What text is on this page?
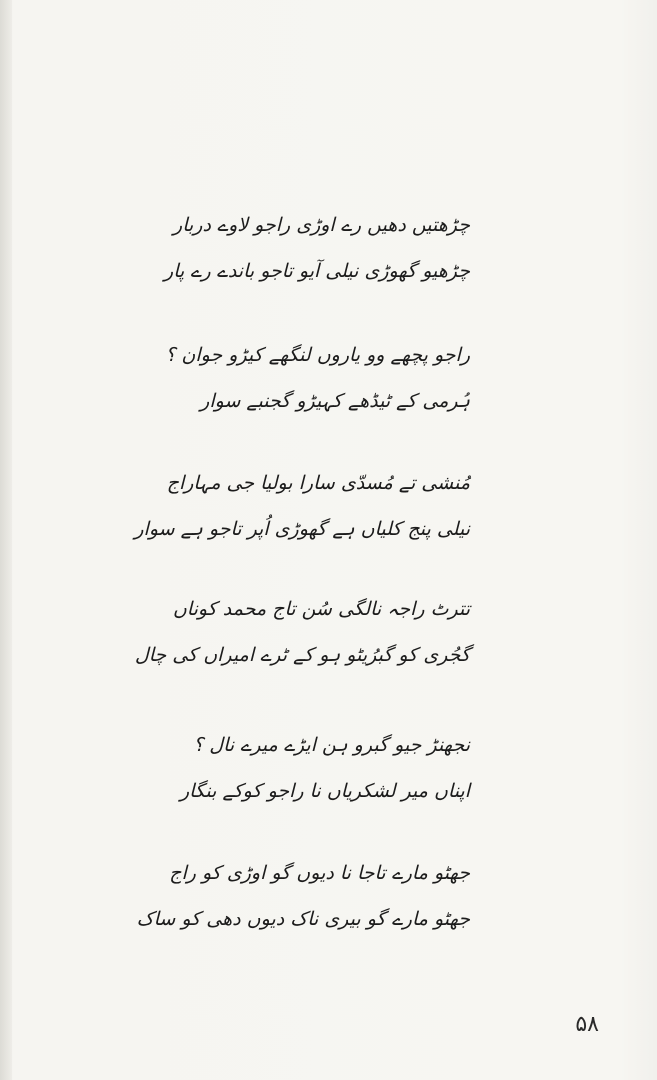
چڑھتیں دھیں رے اوڑی راجو لاوے دربار
چڑھیو گھوڑی نیلی آیو تاجو باندے رے پار
راجو پچھے وو یاروں لنگھے کیڑو جوان ؟
ہُرمی کے ٹیڈھے کہیڑو گجنبے سوار
مُنشی تے مُسدّی سارا بولیا جی مہاراج
نیلی پنج کلیاں ہے گھوڑی اُپر تاجو ہے سوار
تترٹ راجہ نالگی سُن تاج محمد کوناں
گجُری کو گبرُیٹو ہو کے ٹرے امیراں کی چال
نجھنڑ جیو گبرو ہن ایڑے میرے نال ؟
اپناں میر لشکریاں نا راجو کوکے بنگار
جھٹو مارے تاجا نا دیوں گو اوڑی کو راج
جھٹو مارے گو بیری ناک دیوں دھی کو ساک
۵۸
